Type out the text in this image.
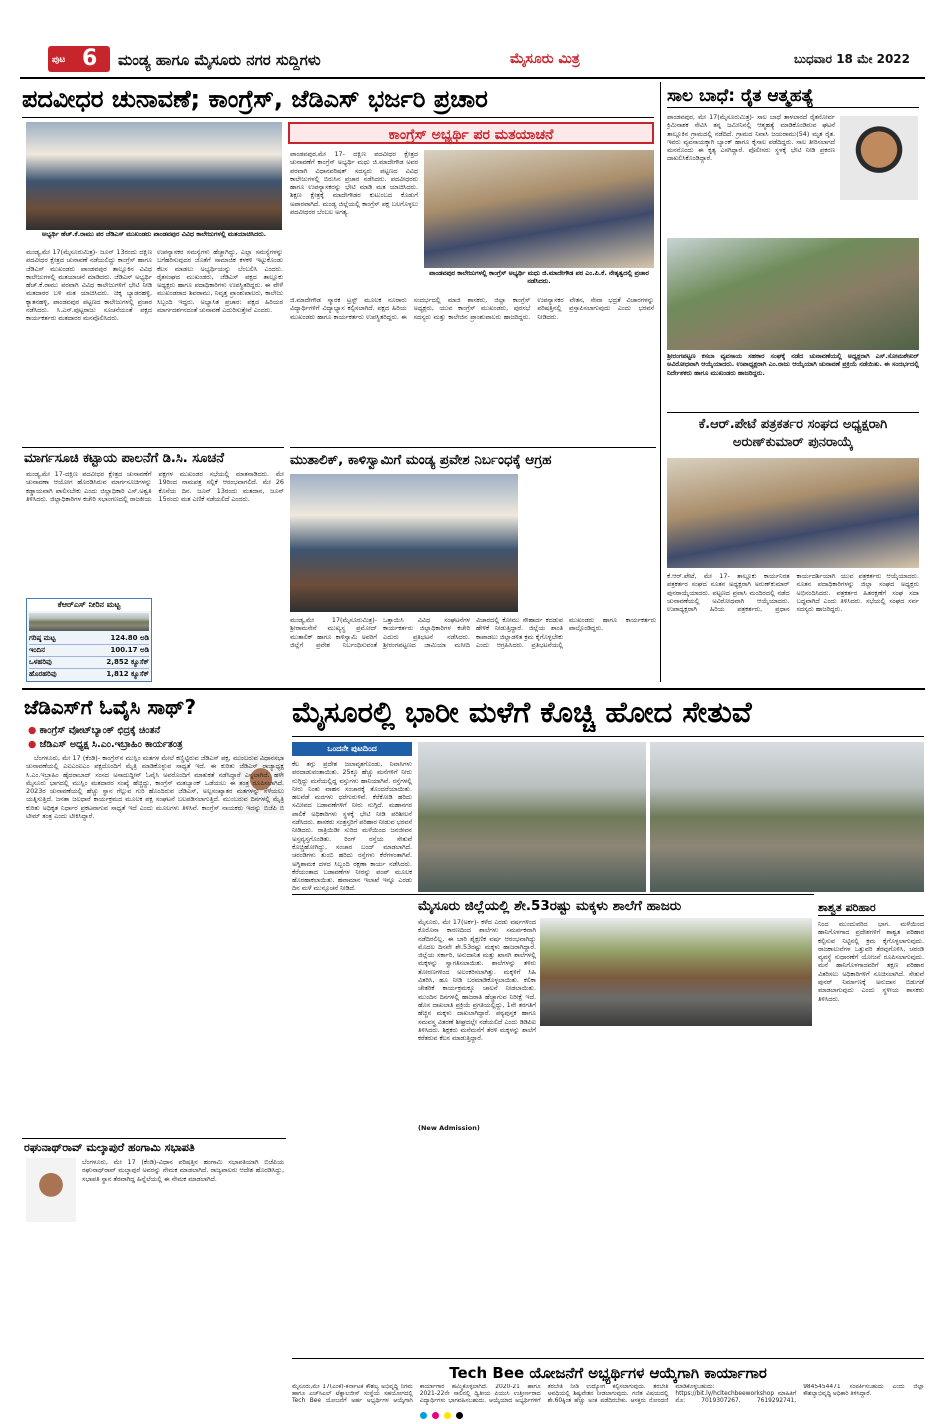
ಪುಟ 6 ಮಂಡ್ಯ ಹಾಗೂ ಮೈಸೂರು ನಗರ ಸುದ್ದಿಗಳು	ಮೈಸೂರು ಮಿತ್ರ	ಬುಧವಾರ 18 ಮೇ 2022
ಪದವೀಧರ ಚುನಾವಣೆ; ಕಾಂಗ್ರೆಸ್, ಜೆಡಿಎಸ್ ಭರ್ಜರಿ ಪ್ರಚಾರ
ಅಭ್ಯರ್ಥಿ ಹೆಚ್.ಕೆ.ರಾಮು ಪರ ಜೆಡಿಎಸ್ ಮುಖಂಡರು ಪಾಂಡವಪುರ ವಿವಿಧ ಕಾಲೇಜುಗಳಲ್ಲಿ ಮತಯಾಚಿಸಿದರು.
ಕಾಂಗ್ರೆಸ್ ಅಭ್ಯರ್ಥಿ ಪರ ಮತಯಾಚನೆ
ಪಾಂಡವಪುರ,ಮೇ 17- ದಕ್ಷಿಣ ಪದವೀಧರ ಕ್ಷೇತ್ರದ ಚುನಾವಣೆಗೆ ಕಾಂಗ್ರೆಸ್ ಅಭ್ಯರ್ಥಿ ಮಧು ಜಿ.ಮಾದೇಗೌಡ ಅವರ ಪರವಾಗಿ ವಿಧಾನಪರಿಷತ್ ಸದಸ್ಯರು ಪಟ್ಟಣದ ವಿವಿಧ ಕಾಲೇಜುಗಳಲ್ಲಿ ಬಿರುಸಿನ ಪ್ರಚಾರ ನಡೆಸಿದರು. ಪದವೀಧರರು ಹಾಗೂ ಉಪನ್ಯಾಸಕರನ್ನು ಭೇಟಿ ಮಾಡಿ ಮತ ಯಾಚಿಸಿದರು. ಶಿಕ್ಷಣ ಕ್ಷೇತ್ರಕ್ಕೆ ಮಾದೇಗೌಡರ ಕುಟುಂಬದ ಕೊಡುಗೆ ಅಪಾರವಾಗಿದೆ. ಮಂಡ್ಯ ಜಿಲ್ಲೆಯಲ್ಲಿ ಕಾಂಗ್ರೆಸ್ ಪಕ್ಷ ಬಲಗೊಳ್ಳಲು ಪದವೀಧರರ ಬೆಂಬಲ ಅಗತ್ಯ.
ಪಾಂಡವಪುರ ಕಾಲೇಜುಗಳಲ್ಲಿ ಕಾಂಗ್ರೆಸ್ ಅಭ್ಯರ್ಥಿ ಮಧು ಜಿ.ಮಾದೇಗೌಡ ಪರ ಎಂ.ಪಿ.ಕೆ. ನೇತೃತ್ವದಲ್ಲಿ ಪ್ರಚಾರ ನಡೆಸಿದರು.
ಮಂಡ್ಯ,ಮೇ 17(ಮೈಸೂರುಮಿತ್ರ)- ಜೂನ್ 13ರಂದು ದಕ್ಷಿಣ ಪದವೀಧರ ಕ್ಷೇತ್ರದ ಚುನಾವಣೆ ನಡೆಯಲಿದ್ದು ಕಾಂಗ್ರೆಸ್ ಹಾಗೂ ಜೆಡಿಎಸ್ ಮುಖಂಡರು ಪಾಂಡವಪುರ ತಾಲ್ಲೂಕಿನ ವಿವಿಧ ಕಾಲೇಜುಗಳಲ್ಲಿ ಮತಯಾಚನೆ ಮಾಡಿದರು. ಜೆಡಿಎಸ್ ಅಭ್ಯರ್ಥಿ ಹೆಚ್.ಕೆ.ರಾಮು ಪರವಾಗಿ ವಿವಿಧ ಕಾಲೇಜುಗಳಿಗೆ ಭೇಟಿ ನೀಡಿ ಮತದಾರರ ಬಳಿ ಮತ ಯಾಚಿಸಿದರು. ಚಿಕ್ಕ ಬ್ಯಾಡರಹಳ್ಳಿ, ಕ್ಯಾತನಹಳ್ಳಿ, ಪಾಂಡವಪುರ ಪಟ್ಟಣದ ಕಾಲೇಜುಗಳಲ್ಲಿ ಪ್ರಚಾರ ನಡೆಸಿದರು. ಸಿ.ಎಸ್.ಪುಟ್ಟರಾಜು ಸೂಚನೆಯಂತೆ ಪಕ್ಷದ ಕಾರ್ಯಕರ್ತರು ಮತದಾರರ ಮನವೊಲಿಸಿದರು.
ಉಪನ್ಯಾಸಕರ ಸಮಸ್ಯೆಗಳು ಹೆಚ್ಚಾಗಿದ್ದು, ಎಲ್ಲಾ ಸಮಸ್ಯೆಗಳನ್ನು ಬಗೆಹರಿಸುವುದರ ಜೊತೆಗೆ ಸಾಮಾಜಿಕ ಕಳಕಳಿ ಇಟ್ಟುಕೊಂಡು ಕೆಲಸ ಮಾಡಲು ಅಭ್ಯರ್ಥಿಯನ್ನು ಬೆಂಬಲಿಸಿ ಎಂದರು. ರೈತಸಂಘದ ಮುಖಂಡರು, ಜೆಡಿಎಸ್ ಪಕ್ಷದ ತಾಲ್ಲೂಕು ಅಧ್ಯಕ್ಷರು ಹಾಗೂ ಪದಾಧಿಕಾರಿಗಳು ಉಪಸ್ಥಿತರಿದ್ದರು. ಈ ವೇಳೆ ಮುಖಂಡರಾದ ಶಿವರಾಮು, ನಿವೃತ್ತ ಪ್ರಾಂಶುಪಾಲರು, ಕಾಲೇಜು ಸಿಬ್ಬಂದಿ ಇದ್ದರು. ಅಭ್ಯಾಸಿತ ಪ್ರಚಾರ: ಪಕ್ಷದ ಹಿರಿಯರ ಮಾರ್ಗದರ್ಶನದಂತೆ ಚುನಾವಣೆ ಎದುರಿಸುತ್ತೇವೆ ಎಂದರು.
ಜಿ.ಮಾದೇಗೌಡ ಸ್ಮಾರಕ ಟ್ರಸ್ಟ್ ಮೂಲಕ ನೂರಾರು ವಿದ್ಯಾರ್ಥಿಗಳಿಗೆ ವಿದ್ಯಾಭ್ಯಾಸ ಕಲ್ಪಿಸಲಾಗಿದೆ. ಪಕ್ಷದ ಹಿರಿಯ ಮುಖಂಡರು ಹಾಗೂ ಕಾರ್ಯಕರ್ತರು ಉಪಸ್ಥಿತರಿದ್ದರು. ಈ ಸಂದರ್ಭದಲ್ಲಿ ಮಾಜಿ ಶಾಸಕರು, ಜಿಲ್ಲಾ ಕಾಂಗ್ರೆಸ್ ಅಧ್ಯಕ್ಷರು, ಯುವ ಕಾಂಗ್ರೆಸ್ ಮುಖಂಡರು, ಪುರಸಭೆ ಸದಸ್ಯರು ಮತ್ತು ಕಾಲೇಜಿನ ಪ್ರಾಂಶುಪಾಲರು ಹಾಜರಿದ್ದರು. ಉಪನ್ಯಾಸಕರ ವೇತನ, ಸೇವಾ ಭದ್ರತೆ ವಿಚಾರಗಳನ್ನು ಪರಿಷತ್ತಿನಲ್ಲಿ ಪ್ರಸ್ತಾಪಿಸಲಾಗುವುದು ಎಂದು ಭರವಸೆ ನೀಡಿದರು.
ಸಾಲ ಬಾಧೆ: ರೈತ ಆತ್ಮಹತ್ಯೆ
ಪಾಂಡವಪುರ, ಮೇ 17(ಮೈಸೂರುಮಿತ್ರ)- ಸಾಲ ಬಾಧೆ ತಾಳಲಾರದೆ ರೈತನೋರ್ವ ಕ್ರಿಮಿನಾಶಕ ಸೇವಿಸಿ ತನ್ನ ಜಮೀನಿನಲ್ಲಿ ಆತ್ಮಹತ್ಯೆ ಮಾಡಿಕೊಂಡಿರುವ ಘಟನೆ ತಾಲ್ಲೂಕಿನ ಗ್ರಾಮದಲ್ಲಿ ನಡೆದಿದೆ. ಗ್ರಾಮದ ನಿವಾಸಿ ಜಯರಾಮು(54) ಮೃತ ರೈತ. ಇವರು ವ್ಯವಸಾಯಕ್ಕಾಗಿ ಬ್ಯಾಂಕ್ ಹಾಗೂ ಕೈಸಾಲ ಪಡೆದಿದ್ದರು. ಸಾಲ ತೀರಿಸಲಾಗದೆ ಮನನೊಂದು ಈ ಕೃತ್ಯ ಎಸಗಿದ್ದಾರೆ. ಪೊಲೀಸರು ಸ್ಥಳಕ್ಕೆ ಭೇಟಿ ನೀಡಿ ಪ್ರಕರಣ ದಾಖಲಿಸಿಕೊಂಡಿದ್ದಾರೆ.
ಶ್ರೀರಂಗಪಟ್ಟಣ ಕಸಬಾ ವ್ಯವಸಾಯ ಸಹಕಾರ ಸಂಘಕ್ಕೆ ನಡೆದ ಚುನಾವಣೆಯಲ್ಲಿ ಅಧ್ಯಕ್ಷರಾಗಿ ಎಸ್.ಸೋಮಶೇಖರ್ ಅವಿರೋಧವಾಗಿ ಆಯ್ಕೆಯಾದರು. ಉಪಾಧ್ಯಕ್ಷರಾಗಿ ಎಂ.ರಾಜು ಆಯ್ಕೆಯಾಗಿ ಚುನಾವಣೆ ಪ್ರಕ್ರಿಯೆ ನಡೆಯಿತು. ಈ ಸಂದರ್ಭದಲ್ಲಿ ನಿರ್ದೇಶಕರು ಹಾಗೂ ಮುಖಂಡರು ಹಾಜರಿದ್ದರು.
ಕೆ.ಆರ್.ಪೇಟೆ ಪತ್ರಕರ್ತರ ಸಂಘದ ಅಧ್ಯಕ್ಷರಾಗಿ ಅರುಣ್‌ಕುಮಾರ್ ಪುನರಾಯ್ಕೆ
ಕೆ.ಆರ್.ಪೇಟೆ, ಮೇ 17- ತಾಲ್ಲೂಕು ಕಾರ್ಯನಿರತ ಪತ್ರಕರ್ತರ ಸಂಘದ ನೂತನ ಅಧ್ಯಕ್ಷರಾಗಿ ಅರುಣ್‌ಕುಮಾರ್ ಪುನರಾಯ್ಕೆಯಾದರು. ಪಟ್ಟಣದ ಪ್ರವಾಸಿ ಮಂದಿರದಲ್ಲಿ ನಡೆದ ಚುನಾವಣೆಯಲ್ಲಿ ಅವಿರೋಧವಾಗಿ ಆಯ್ಕೆಯಾದರು. ಉಪಾಧ್ಯಕ್ಷರಾಗಿ ಹಿರಿಯ ಪತ್ರಕರ್ತರು, ಪ್ರಧಾನ ಕಾರ್ಯದರ್ಶಿಯಾಗಿ ಯುವ ಪತ್ರಕರ್ತರು ಆಯ್ಕೆಯಾದರು. ನೂತನ ಪದಾಧಿಕಾರಿಗಳನ್ನು ಜಿಲ್ಲಾ ಸಂಘದ ಅಧ್ಯಕ್ಷರು ಅಭಿನಂದಿಸಿದರು. ಪತ್ರಕರ್ತರ ಹಿತರಕ್ಷಣೆಗೆ ಸಂಘ ಸದಾ ಬದ್ಧವಾಗಿದೆ ಎಂದು ತಿಳಿಸಿದರು. ಸಭೆಯಲ್ಲಿ ಸಂಘದ ಸರ್ವ ಸದಸ್ಯರು ಹಾಜರಿದ್ದರು.
ಮಾರ್ಗಸೂಚಿ ಕಟ್ಟಾಯ ಪಾಲನೆಗೆ ಡಿ.ಸಿ. ಸೂಚನೆ
ಮಂಡ್ಯ,ಮೇ 17-ದಕ್ಷಿಣ ಪದವೀಧರ ಕ್ಷೇತ್ರದ ಚುನಾವಣೆಗೆ ಚುನಾವಣಾ ಆಯೋಗ ಹೊರಡಿಸಿರುವ ಮಾರ್ಗಸೂಚಿಗಳನ್ನು ಕಡ್ಡಾಯವಾಗಿ ಪಾಲಿಸಬೇಕು ಎಂದು ಜಿಲ್ಲಾಧಿಕಾರಿ ಎಸ್.ಅಶ್ವತಿ ತಿಳಿಸಿದರು. ಜಿಲ್ಲಾಧಿಕಾರಿಗಳ ಕಚೇರಿ ಸಭಾಂಗಣದಲ್ಲಿ ರಾಜಕೀಯ ಪಕ್ಷಗಳ ಮುಖಂಡರ ಸಭೆಯಲ್ಲಿ ಮಾತನಾಡಿದರು. ಮೇ 19ರಿಂದ ನಾಮಪತ್ರ ಸಲ್ಲಿಕೆ ಆರಂಭವಾಗಲಿದೆ. ಮೇ 26 ಕೊನೆಯ ದಿನ. ಜೂನ್ 13ರಂದು ಮತದಾನ, ಜೂನ್ 15ರಂದು ಮತ ಎಣಿಕೆ ನಡೆಯಲಿದೆ ಎಂದರು.
ಕೆಆರ್‌ಎಸ್ ನೀರಿನ ಮಟ್ಟ
ಗರಿಷ್ಠ ಮಟ್ಟ	124.80 ಅಡಿ
ಇಂದಿನ	100.17 ಅಡಿ
ಒಳಹರಿವು	2,852 ಕ್ಯೂಸೆಕ್
ಹೊರಹರಿವು	1,812 ಕ್ಯೂಸೆಕ್
ಮುತಾಲಿಕ್, ಕಾಳಿಸ್ವಾಮಿಗೆ ಮಂಡ್ಯ ಪ್ರವೇಶ ನಿರ್ಬಂಧಕ್ಕೆ ಆಗ್ರಹ
ಮಂಡ್ಯ,ಮೇ 17(ಮೈಸೂರುಮಿತ್ರ)- ಶ್ರೀರಾಮಸೇನೆ ಮುಖ್ಯಸ್ಥ ಪ್ರಮೋದ್ ಮುತಾಲಿಕ್ ಹಾಗೂ ಕಾಳಿಸ್ವಾಮಿ ಅವರಿಗೆ ಜಿಲ್ಲೆಗೆ ಪ್ರವೇಶ ನಿರ್ಬಂಧಿಸುವಂತೆ ಒತ್ತಾಯಿಸಿ ವಿವಿಧ ಸಂಘಟನೆಗಳ ಕಾರ್ಯಕರ್ತರು ಜಿಲ್ಲಾಧಿಕಾರಿಗಳ ಕಚೇರಿ ಎದುರು ಪ್ರತಿಭಟನೆ ನಡೆಸಿದರು. ಶ್ರೀರಂಗಪಟ್ಟಣದ ಜಾಮಿಯಾ ಮಸೀದಿ ವಿಚಾರದಲ್ಲಿ ಕೋಮು ಸೌಹಾರ್ದ ಕದಡುವ ಹೇಳಿಕೆ ನೀಡುತ್ತಿದ್ದಾರೆ. ಜಿಲ್ಲೆಯ ಶಾಂತಿ ಕಾಪಾಡಲು ಜಿಲ್ಲಾಡಳಿತ ಕ್ರಮ ಕೈಗೊಳ್ಳಬೇಕು ಎಂದು ಆಗ್ರಹಿಸಿದರು. ಪ್ರತಿಭಟನೆಯಲ್ಲಿ ಮುಖಂಡರು ಹಾಗೂ ಕಾರ್ಯಕರ್ತರು ಪಾಲ್ಗೊಂಡಿದ್ದರು.
ಜೆಡಿಎಸ್‌ಗೆ ಓವೈಸಿ ಸಾಥ್?
● ಕಾಂಗ್ರೆಸ್ ವೋಟ್‌ಬ್ಯಾಂಕ್ ಛಿದ್ರಕ್ಕೆ ಚಿಂತನೆ
● ಜೆಡಿಎಸ್ ಅಧ್ಯಕ್ಷ ಸಿ.ಎಂ.ಇಬ್ರಾಹಿಂ ಕಾರ್ಯತಂತ್ರ
ಬೆಂಗಳೂರು, ಮೇ 17 (ಕೆಂಡಿ)- ಕಾಂಗ್ರೆಸ್‌ನ ಮುಸ್ಲಿಂ ಮತಗಳ ಮೇಲೆ ಕಣ್ಣಿಟ್ಟಿರುವ ಜೆಡಿಎಸ್ ಪಕ್ಷ, ಮುಂಬರುವ ವಿಧಾನಸಭಾ ಚುನಾವಣೆಯಲ್ಲಿ ಎಐಎಂಐಎಂ ಪಕ್ಷದೊಂದಿಗೆ ಮೈತ್ರಿ ಮಾಡಿಕೊಳ್ಳುವ ಸಾಧ್ಯತೆ ಇದೆ. ಈ ಕುರಿತು ಜೆಡಿಎಸ್ ರಾಜ್ಯಾಧ್ಯಕ್ಷ ಸಿ.ಎಂ.ಇಬ್ರಾಹಿಂ ಹೈದರಾಬಾದ್ ಸಂಸದ ಅಸಾದುದ್ದೀನ್ ಓವೈಸಿ ಅವರೊಂದಿಗೆ ಮಾತುಕತೆ ನಡೆಸಿದ್ದಾರೆ ಎನ್ನಲಾಗಿದೆ. ಹಳೇ ಮೈಸೂರು ಭಾಗದಲ್ಲಿ ಮುಸ್ಲಿಂ ಮತದಾರರ ಸಂಖ್ಯೆ ಹೆಚ್ಚಿದ್ದು, ಕಾಂಗ್ರೆಸ್ ಮತಬ್ಯಾಂಕ್ ಒಡೆಯಲು ಈ ತಂತ್ರ ರೂಪಿಸಲಾಗಿದೆ. 2023ರ ಚುನಾವಣೆಯಲ್ಲಿ ಹೆಚ್ಚು ಸ್ಥಾನ ಗೆಲ್ಲುವ ಗುರಿ ಹೊಂದಿರುವ ಜೆಡಿಎಸ್, ಅಲ್ಪಸಂಖ್ಯಾತರ ಮತಗಳನ್ನು ಸೆಳೆಯಲು ಯತ್ನಿಸುತ್ತಿದೆ. ಜನತಾ ಜಲಧಾರೆ ಕಾರ್ಯಕ್ರಮದ ಮೂಲಕ ಪಕ್ಷ ಸಂಘಟನೆ ಬಲಪಡಿಸಲಾಗುತ್ತಿದೆ. ಮುಂಬರುವ ದಿನಗಳಲ್ಲಿ ಮೈತ್ರಿ ಕುರಿತು ಅಧಿಕೃತ ನಿರ್ಧಾರ ಪ್ರಕಟವಾಗುವ ಸಾಧ್ಯತೆ ಇದೆ ಎಂದು ಮೂಲಗಳು ತಿಳಿಸಿವೆ. ಕಾಂಗ್ರೆಸ್ ನಾಯಕರು ಇದನ್ನು ಬಿಜೆಪಿ ಬಿ ಟೀಮ್ ತಂತ್ರ ಎಂದು ಟೀಕಿಸಿದ್ದಾರೆ.
ರಘುನಾಥ್‌ರಾವ್ ಮಲ್ಕಾಪುರೆ ಹಂಗಾಮಿ ಸಭಾಪತಿ
ಬೆಂಗಳೂರು, ಮೇ 17 (ಕೆಂಡಿ)-ವಿಧಾನ ಪರಿಷತ್ತಿನ ಹಂಗಾಮಿ ಸಭಾಪತಿಯಾಗಿ ಬಿಜೆಪಿಯ ರಘುನಾಥ್‌ರಾವ್ ಮಲ್ಕಾಪುರೆ ಅವರನ್ನು ನೇಮಕ ಮಾಡಲಾಗಿದೆ. ರಾಜ್ಯಪಾಲರು ಆದೇಶ ಹೊರಡಿಸಿದ್ದು, ಸಭಾಪತಿ ಸ್ಥಾನ ತೆರವಾಗಿದ್ದ ಹಿನ್ನೆಲೆಯಲ್ಲಿ ಈ ನೇಮಕ ಮಾಡಲಾಗಿದೆ.
ಮೈಸೂರಲ್ಲಿ ಭಾರೀ ಮಳೆಗೆ ಕೊಚ್ಚಿ ಹೋದ ಸೇತುವೆ
ಒಂದನೇ ಪುಟದಿಂದ
ಕೆಲ ತಗ್ಗು ಪ್ರದೇಶ ಜಲಾವೃತಗೊಂಡು, ನಿವಾಸಿಗಳು ಪರದಾಡುವಂತಾಯಿತು. 25ಕ್ಕೂ ಹೆಚ್ಚು ಮನೆಗಳಿಗೆ ನೀರು ನುಗ್ಗಿದ್ದು ಮನೆಯಲ್ಲಿದ್ದ ವಸ್ತುಗಳು ಹಾನಿಯಾಗಿವೆ. ರಸ್ತೆಗಳಲ್ಲಿ ನೀರು ನಿಂತು ವಾಹನ ಸಂಚಾರಕ್ಕೆ ತೊಂದರೆಯಾಯಿತು. ಹಲವೆಡೆ ಮರಗಳು ಧರೆಗುರುಳಿವೆ. ಕೆರೆಕೋಡಿ ಹರಿದು ಸಮೀಪದ ಬಡಾವಣೆಗಳಿಗೆ ನೀರು ನುಗ್ಗಿದೆ. ಮಹಾನಗರ ಪಾಲಿಕೆ ಅಧಿಕಾರಿಗಳು ಸ್ಥಳಕ್ಕೆ ಭೇಟಿ ನೀಡಿ ಪರಿಶೀಲನೆ ನಡೆಸಿದರು. ಶಾಸಕರು ಸಂತ್ರಸ್ತರಿಗೆ ಪರಿಹಾರ ನೀಡುವ ಭರವಸೆ ನೀಡಿದರು. ರಾತ್ರಿಯಿಡೀ ಸುರಿದ ಮಳೆಯಿಂದ ಜನಜೀವನ ಅಸ್ತವ್ಯಸ್ತಗೊಂಡಿತು. ರಿಂಗ್ ರಸ್ತೆಯ ಸೇತುವೆ ಕೊಚ್ಚಿಹೋಗಿದ್ದು, ಸಂಚಾರ ಬಂದ್ ಮಾಡಲಾಗಿದೆ. ಚರಂಡಿಗಳು ತುಂಬಿ ಹರಿದು ರಸ್ತೆಗಳು ಕೆರೆಗಳಂತಾಗಿವೆ. ಅಗ್ನಿಶಾಮಕ ದಳದ ಸಿಬ್ಬಂದಿ ರಕ್ಷಣಾ ಕಾರ್ಯ ನಡೆಸಿದರು. ಕೆರೆಯಂತಾದ ಬಡಾವಣೆಗಳ ನೀರನ್ನು ಪಂಪ್ ಮೂಲಕ ಹೊರಹಾಕಲಾಯಿತು. ಹವಾಮಾನ ಇಲಾಖೆ ಇನ್ನೂ ಎರಡು ದಿನ ಮಳೆ ಮುನ್ಸೂಚನೆ ನೀಡಿದೆ.
ಮೈಸೂರು ಜಿಲ್ಲೆಯಲ್ಲಿ ಶೇ.53ರಷ್ಟು ಮಕ್ಕಳು ಶಾಲೆಗೆ ಹಾಜರು
ಮೈಸೂರು, ಮೇ 17(ಅರ್ಕ)- ಕಳೆದ ಎರಡು ವರ್ಷಗಳಿಂದ ಕೊರೊನಾ ಕಾರಣದಿಂದ ಶಾಲೆಗಳು ಸಮರ್ಪಕವಾಗಿ ನಡೆದಿರಲಿಲ್ಲ. ಈ ಬಾರಿ ಶೈಕ್ಷಣಿಕ ವರ್ಷ ಆರಂಭವಾಗಿದ್ದು ಮೊದಲ ದಿನವೇ ಶೇ.53ರಷ್ಟು ಮಕ್ಕಳು ಹಾಜರಾಗಿದ್ದಾರೆ. ಜಿಲ್ಲೆಯ ಸರ್ಕಾರಿ, ಅನುದಾನಿತ ಮತ್ತು ಖಾಸಗಿ ಶಾಲೆಗಳಲ್ಲಿ ಮಕ್ಕಳನ್ನು ಸ್ವಾಗತಿಸಲಾಯಿತು. ಶಾಲೆಗಳನ್ನು ತಳಿರು ತೋರಣಗಳಿಂದ ಅಲಂಕರಿಸಲಾಗಿತ್ತು. ಮಕ್ಕಳಿಗೆ ಸಿಹಿ ವಿತರಿಸಿ, ಹೂ ನೀಡಿ ಬರಮಾಡಿಕೊಳ್ಳಲಾಯಿತು. ಕಲಿಕಾ ಚೇತರಿಕೆ ಕಾರ್ಯಕ್ರಮಕ್ಕೂ ಚಾಲನೆ ನೀಡಲಾಯಿತು. ಮುಂದಿನ ದಿನಗಳಲ್ಲಿ ಹಾಜರಾತಿ ಹೆಚ್ಚಾಗುವ ನಿರೀಕ್ಷೆ ಇದೆ. ಹೊಸ ದಾಖಲಾತಿ ಪ್ರಕ್ರಿಯೆ ಪ್ರಗತಿಯಲ್ಲಿದ್ದು, 1ನೇ ತರಗತಿಗೆ ಹೆಚ್ಚಿನ ಮಕ್ಕಳು ದಾಖಲಾಗಿದ್ದಾರೆ. ಪಠ್ಯಪುಸ್ತಕ ಹಾಗೂ ಸಮವಸ್ತ್ರ ವಿತರಣೆ ಶೀಘ್ರದಲ್ಲೇ ನಡೆಯಲಿದೆ ಎಂದು ಡಿಡಿಪಿಐ ತಿಳಿಸಿದರು. ಶಿಕ್ಷಕರು ಮನೆಮನೆಗೆ ತೆರಳಿ ಮಕ್ಕಳನ್ನು ಶಾಲೆಗೆ ಕರೆತರುವ ಕೆಲಸ ಮಾಡುತ್ತಿದ್ದಾರೆ.
(New Admission)
ಶಾಶ್ವತ ಪರಿಹಾರ
ನಿಂದ ಮುಂದುವರಿದ ಭಾಗ. ಮಳೆಯಿಂದ ಹಾನಿಗೊಳಗಾದ ಪ್ರದೇಶಗಳಿಗೆ ಶಾಶ್ವತ ಪರಿಹಾರ ಕಲ್ಪಿಸುವ ನಿಟ್ಟಿನಲ್ಲಿ ಕ್ರಮ ಕೈಗೊಳ್ಳಲಾಗುವುದು. ರಾಜಕಾಲುವೆಗಳ ಒತ್ತುವರಿ ತೆರವುಗೊಳಿಸಿ, ಚರಂಡಿ ವ್ಯವಸ್ಥೆ ಸುಧಾರಣೆಗೆ ಯೋಜನೆ ರೂಪಿಸಲಾಗುವುದು. ಮನೆ ಹಾನಿಗೊಳಗಾದವರಿಗೆ ತಕ್ಷಣ ಪರಿಹಾರ ವಿತರಿಸಲು ಅಧಿಕಾರಿಗಳಿಗೆ ಸೂಚಿಸಲಾಗಿದೆ. ಸೇತುವೆ ಪುನರ್ ನಿರ್ಮಾಣಕ್ಕೆ ಅನುದಾನ ಬಿಡುಗಡೆ ಮಾಡಲಾಗುವುದು ಎಂದು ಸ್ಥಳೀಯ ಶಾಸಕರು ತಿಳಿಸಿದರು.
Tech Bee ಯೋಜನೆಗೆ ಅಭ್ಯರ್ಥಿಗಳ ಆಯ್ಕೆಗಾಗಿ ಕಾರ್ಯಾಗಾರ
ಮೈಸೂರು,ಮೇ 17(ಎಂಕೆ)-ಕರ್ನಾಟಕ ಕೌಶಲ್ಯ ಅಭಿವೃದ್ಧಿ ನಿಗಮ ಹಾಗೂ ಎಚ್‌ಸಿಎಲ್ ಟೆಕ್ನಾಲಜೀಸ್ ಸಂಸ್ಥೆಯ ಸಹಯೋಗದಲ್ಲಿ Tech Bee ಯೋಜನೆಗೆ ಅರ್ಹ ಅಭ್ಯರ್ಥಿಗಳ ಆಯ್ಕೆಗಾಗಿ ಕಾರ್ಯಾಗಾರ ಹಮ್ಮಿಕೊಳ್ಳಲಾಗಿದೆ. 2020-21 ಹಾಗೂ 2021-22ನೇ ಸಾಲಿನಲ್ಲಿ ದ್ವಿತೀಯ ಪಿಯುಸಿ ಉತ್ತೀರ್ಣರಾದ ವಿದ್ಯಾರ್ಥಿಗಳು ಭಾಗವಹಿಸಬಹುದು. ಆಯ್ಕೆಯಾದ ಅಭ್ಯರ್ಥಿಗಳಿಗೆ ತರಬೇತಿ ನೀಡಿ ಉದ್ಯೋಗ ಕಲ್ಪಿಸಲಾಗುವುದು. ತರಬೇತಿ ಅವಧಿಯಲ್ಲಿ ಶಿಷ್ಯವೇತನ ನೀಡಲಾಗುವುದು. ಗಣಿತ ವಿಷಯದಲ್ಲಿ ಶೇ.60ಕ್ಕಿಂತ ಹೆಚ್ಚು ಅಂಕ ಪಡೆದಿರಬೇಕು. ಆಸಕ್ತರು ನೋಂದಣಿ ಮಾಡಿಕೊಳ್ಳಬಹುದು: https://bit.ly/hcltechbeeworkshop ಮಾಹಿತಿಗೆ ಮೊ: 7019307267, 7619292741, 9845454471 ಸಂಪರ್ಕಿಸಬಹುದು ಎಂದು ಜಿಲ್ಲಾ ಕೌಶಲ್ಯಾಭಿವೃದ್ಧಿ ಅಧಿಕಾರಿ ತಿಳಿಸಿದ್ದಾರೆ.
